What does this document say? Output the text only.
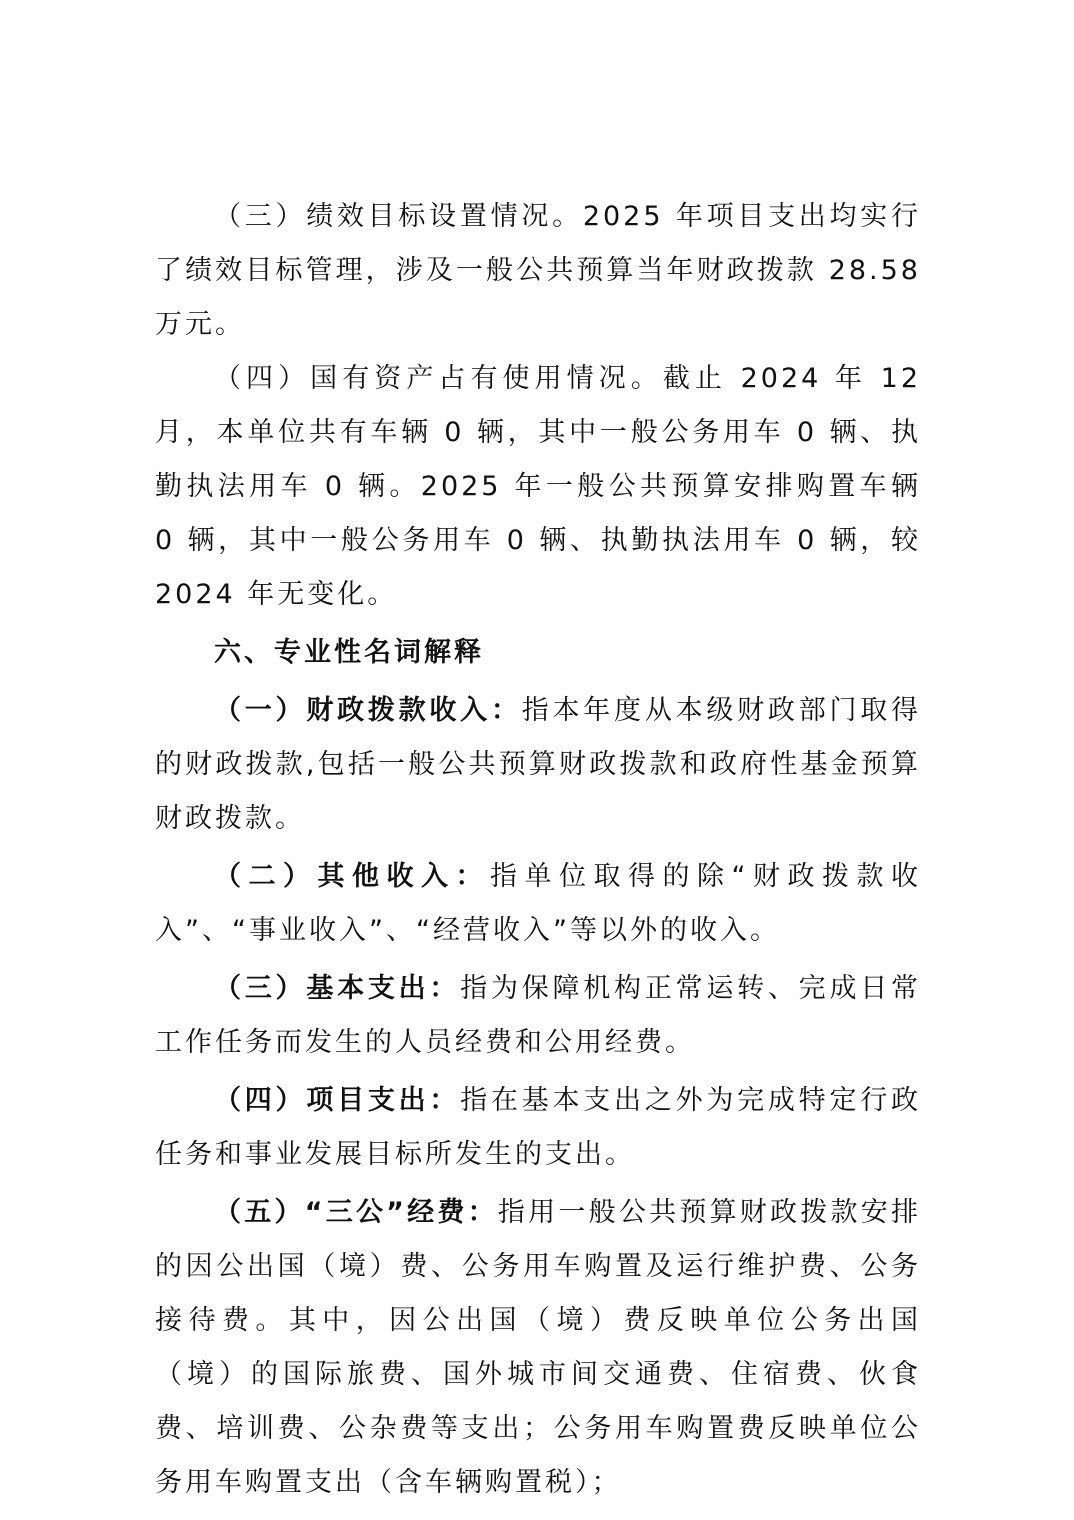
（三）绩效目标设置情况。2025 年项目支出均实行了绩效目标管理，涉及一般公共预算当年财政拨款 28.58 万元。

（四）国有资产占有使用情况。截止 2024 年 12 月，本单位共有车辆 0 辆，其中一般公务用车 0 辆、执勤执法用车 0 辆。2025 年一般公共预算安排购置车辆 0 辆，其中一般公务用车 0 辆、执勤执法用车 0 辆，较 2024 年无变化。

六、专业性名词解释

（一）财政拨款收入：指本年度从本级财政部门取得的财政拨款,包括一般公共预算财政拨款和政府性基金预算财政拨款。

（二）其他收入：指单位取得的除“财政拨款收入”、“事业收入”、“经营收入”等以外的收入。

（三）基本支出：指为保障机构正常运转、完成日常工作任务而发生的人员经费和公用经费。

（四）项目支出：指在基本支出之外为完成特定行政任务和事业发展目标所发生的支出。

（五）“三公”经费：指用一般公共预算财政拨款安排的因公出国（境）费、公务用车购置及运行维护费、公务接待费。其中，因公出国（境）费反映单位公务出国（境）的国际旅费、国外城市间交通费、住宿费、伙食费、培训费、公杂费等支出；公务用车购置费反映单位公务用车购置支出（含车辆购置税）；
